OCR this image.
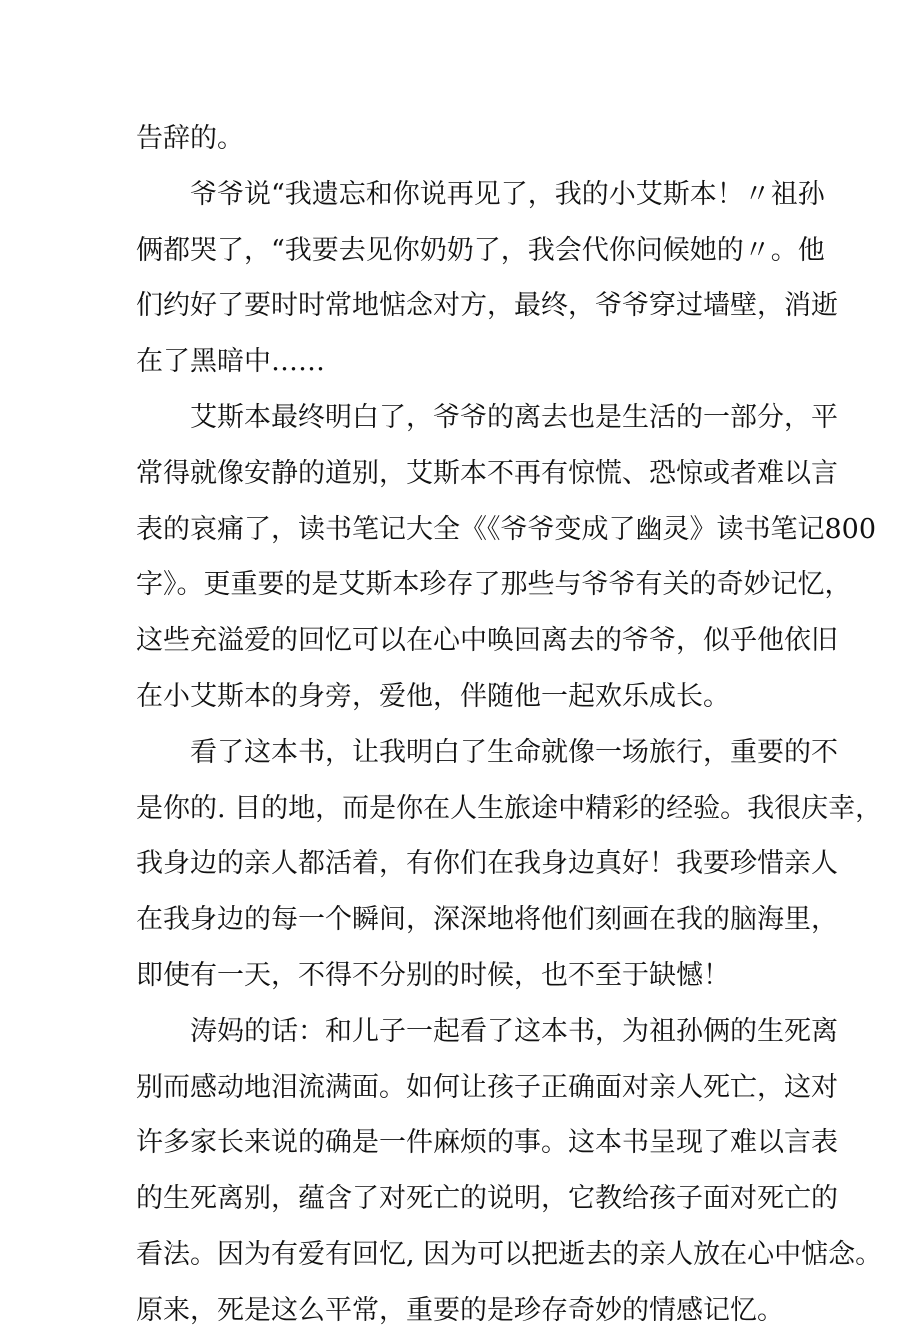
告辞的。
爷爷说“我遗忘和你说再见了，我的小艾斯本！〃祖孙
俩都哭了，“我要去见你奶奶了，我会代你问候她的〃。他
们约好了要时时常地惦念对方，最终，爷爷穿过墙壁，消逝
在了黑暗中……
艾斯本最终明白了，爷爷的离去也是生活的一部分，平
常得就像安静的道别，艾斯本不再有惊慌、恐惊或者难以言
表的哀痛了，读书笔记大全《《爷爷变成了幽灵》读书笔记800
字》。更重要的是艾斯本珍存了那些与爷爷有关的奇妙记忆，
这些充溢爱的回忆可以在心中唤回离去的爷爷，似乎他依旧
在小艾斯本的身旁，爱他，伴随他一起欢乐成长。
看了这本书，让我明白了生命就像一场旅行，重要的不
是你的. 目的地，而是你在人生旅途中精彩的经验。我很庆幸，
我身边的亲人都活着，有你们在我身边真好！我要珍惜亲人
在我身边的每一个瞬间，深深地将他们刻画在我的脑海里，
即使有一天，不得不分别的时候，也不至于缺憾！
涛妈的话：和儿子一起看了这本书，为祖孙俩的生死离
别而感动地泪流满面。如何让孩子正确面对亲人死亡，这对
许多家长来说的确是一件麻烦的事。这本书呈现了难以言表
的生死离别，蕴含了对死亡的说明，它教给孩子面对死亡的
看法。因为有爱有回忆, 因为可以把逝去的亲人放在心中惦念。
原来，死是这么平常，重要的是珍存奇妙的情感记忆。
